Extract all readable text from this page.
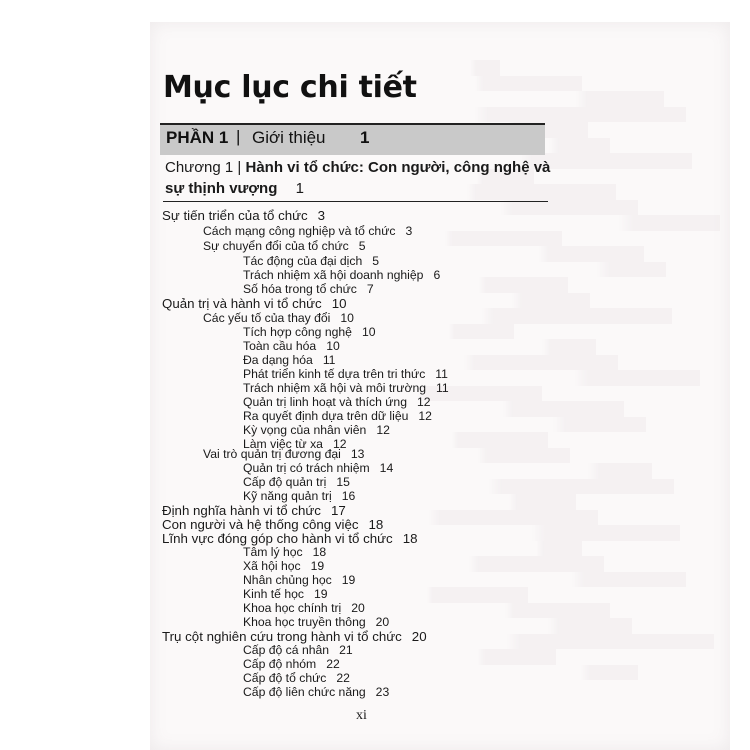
Mục lục chi tiết
PHẦN 1 | Giới thiệu 1
Chương 1 | Hành vi tổ chức: Con người, công nghệ và sự thịnh vượng 1
Sự tiến triển của tổ chức 3
Cách mạng công nghiệp và tổ chức 3
Sự chuyển đổi của tổ chức 5
Tác động của đại dịch 5
Trách nhiệm xã hội doanh nghiệp 6
Số hóa trong tổ chức 7
Quản trị và hành vi tổ chức 10
Các yếu tố của thay đổi 10
Tích hợp công nghệ 10
Toàn cầu hóa 10
Đa dạng hóa 11
Phát triển kinh tế dựa trên tri thức 11
Trách nhiệm xã hội và môi trường 11
Quản trị linh hoạt và thích ứng 12
Ra quyết định dựa trên dữ liệu 12
Kỳ vọng của nhân viên 12
Làm việc từ xa 12
Vai trò quản trị đương đại 13
Quản trị có trách nhiệm 14
Cấp độ quản trị 15
Kỹ năng quản trị 16
Định nghĩa hành vi tổ chức 17
Con người và hệ thống công việc 18
Lĩnh vực đóng góp cho hành vi tổ chức 18
Tâm lý học 18
Xã hội học 19
Nhân chủng học 19
Kinh tế học 19
Khoa học chính trị 20
Khoa học truyền thông 20
Trụ cột nghiên cứu trong hành vi tổ chức 20
Cấp độ cá nhân 21
Cấp độ nhóm 22
Cấp độ tổ chức 22
Cấp độ liên chức năng 23
xi
